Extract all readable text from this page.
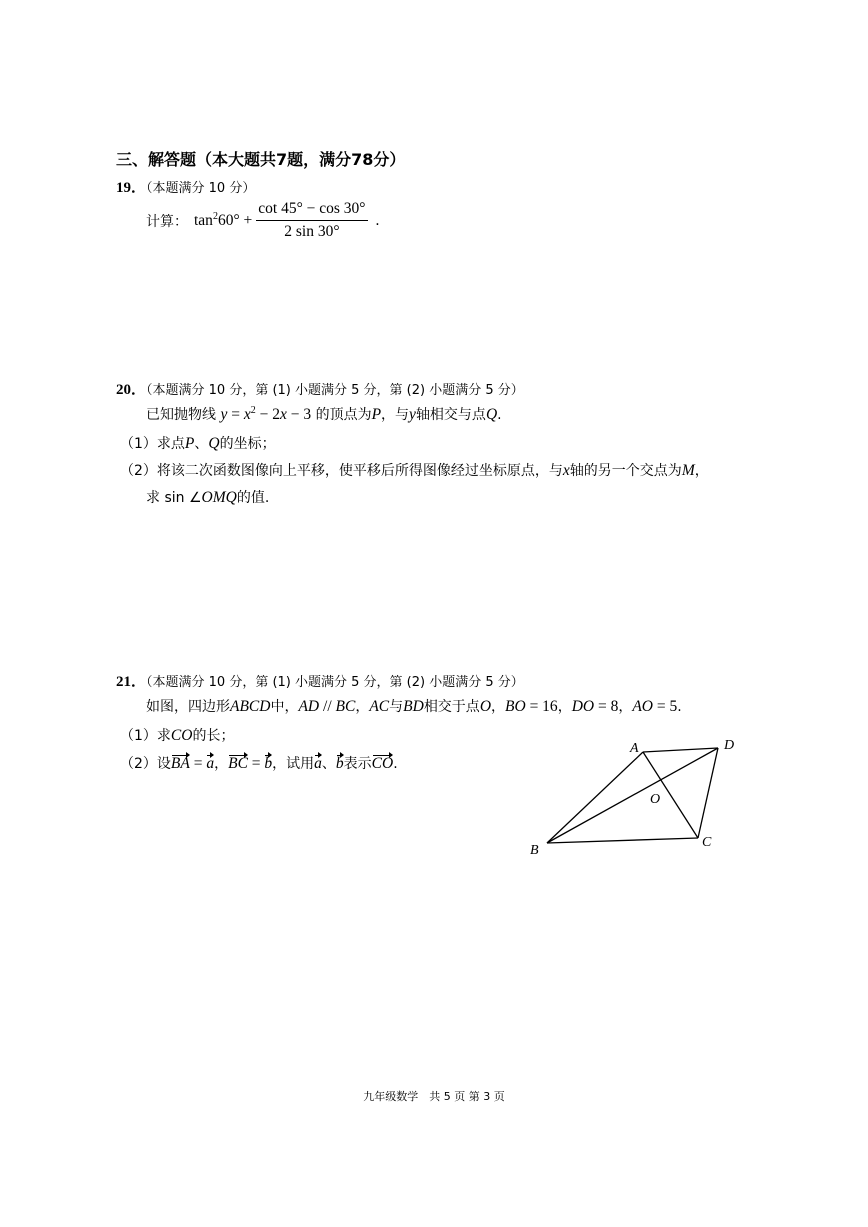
三、解答题（本大题共7题，满分78分）
19．（本题满分 10 分）
计算： $\tan^260^\circ + \frac{\cot 45^\circ - \cos 30^\circ}{2 \sin 30^\circ}$ .
20．（本题满分 10 分，第 (1) 小题满分 5 分，第 (2) 小题满分 5 分）
已知抛物线 $y = x^2 - 2x - 3$ 的顶点为P，与y轴相交与点Q.
（1）求点P、Q的坐标；
（2）将该二次函数图像向上平移，使平移后所得图像经过坐标原点，与x轴的另一个交点为M，
求 sin ∠OMQ的值.
21．（本题满分 10 分，第 (1) 小题满分 5 分，第 (2) 小题满分 5 分）
如图，四边形ABCD中，AD // BC，AC与BD相交于点O，BO = 16，DO = 8，AO = 5.
（1）求CO的长；
（2）设BA = a，BC = b，试用a、b表示CO.
A	D
O
B
C
九年级数学　共 5 页 第 3 页
